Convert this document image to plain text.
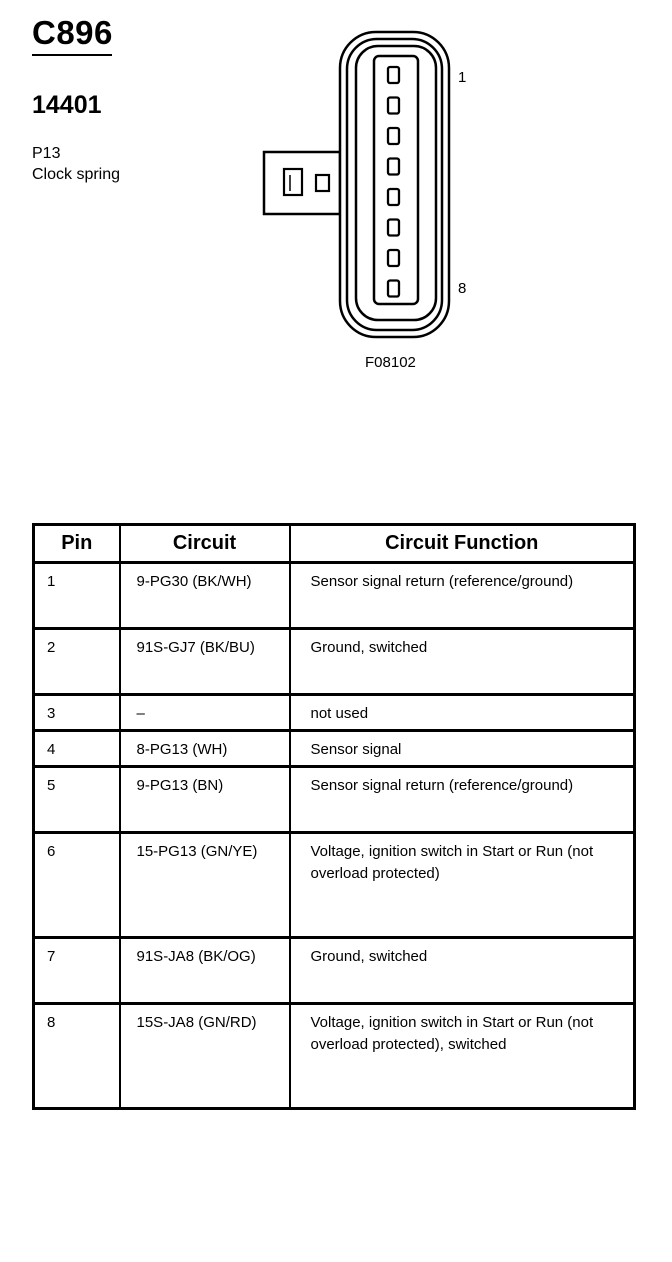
C896
14401
P13
Clock spring
1
8
F08102
Pin	Circuit	Circuit Function
1	9-PG30 (BK/WH)	Sensor signal return (reference/ground)
2	91S-GJ7 (BK/BU)	Ground, switched
3	–	not used
4	8-PG13 (WH)	Sensor signal
5	9-PG13 (BN)	Sensor signal return (reference/ground)
6	15-PG13 (GN/YE)	Voltage, ignition switch in Start or Run (not overload protected)
7	91S-JA8 (BK/OG)	Ground, switched
8	15S-JA8 (GN/RD)	Voltage, ignition switch in Start or Run (not overload protected), switched
